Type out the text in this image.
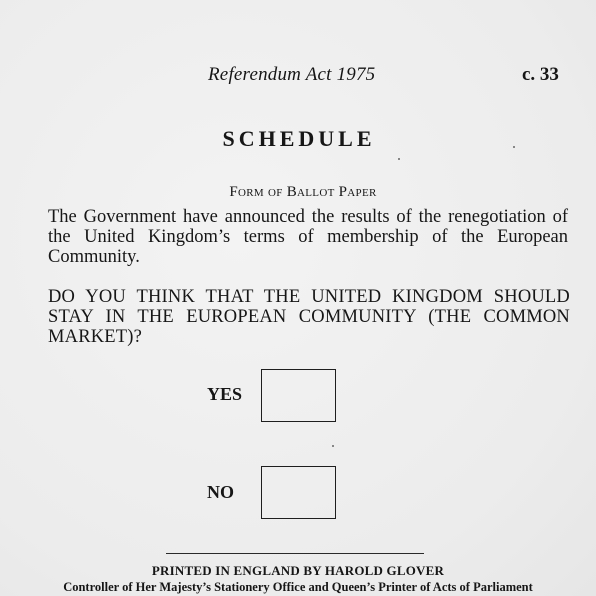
Referendum Act 1975	c. 33
SCHEDULE
Form of Ballot Paper

The Government have announced the results of the renegotiation of the United Kingdom’s terms of membership of the European Community.

DO YOU THINK THAT THE UNITED KINGDOM SHOULD STAY IN THE EUROPEAN COMMUNITY (THE COMMON MARKET)?

YES
NO
PRINTED IN ENGLAND BY HAROLD GLOVER
Controller of Her Majesty’s Stationery Office and Queen’s Printer of Acts of Parliament
